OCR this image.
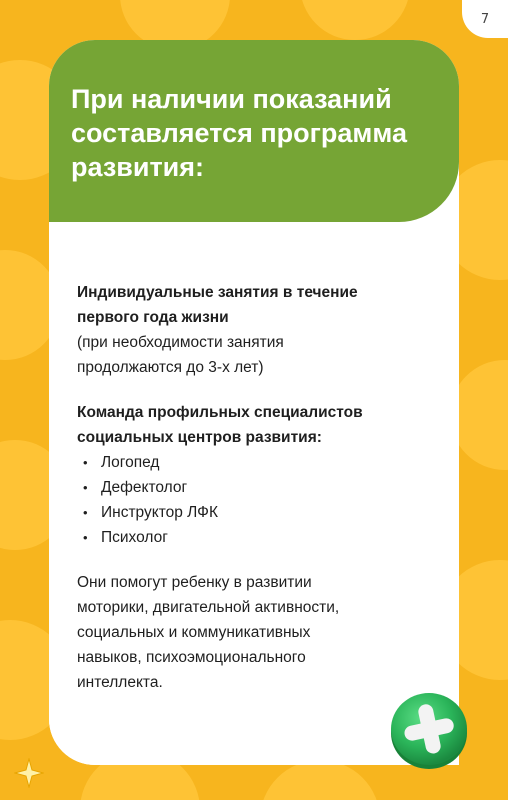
7
При наличии показаний
составляется программа
развития:

Индивидуальные занятия в течение

первого года жизни

(при необходимости занятия

продолжаются до 3-х лет)

Команда профильных специалистов

социальных центров развития:

• Логопед
• Дефектолог
• Инструктор ЛФК
• Психолог

Они помогут ребенку в развитии

моторики, двигательной активности,

социальных и коммуникативных

навыков, психоэмоционального

интеллекта.
